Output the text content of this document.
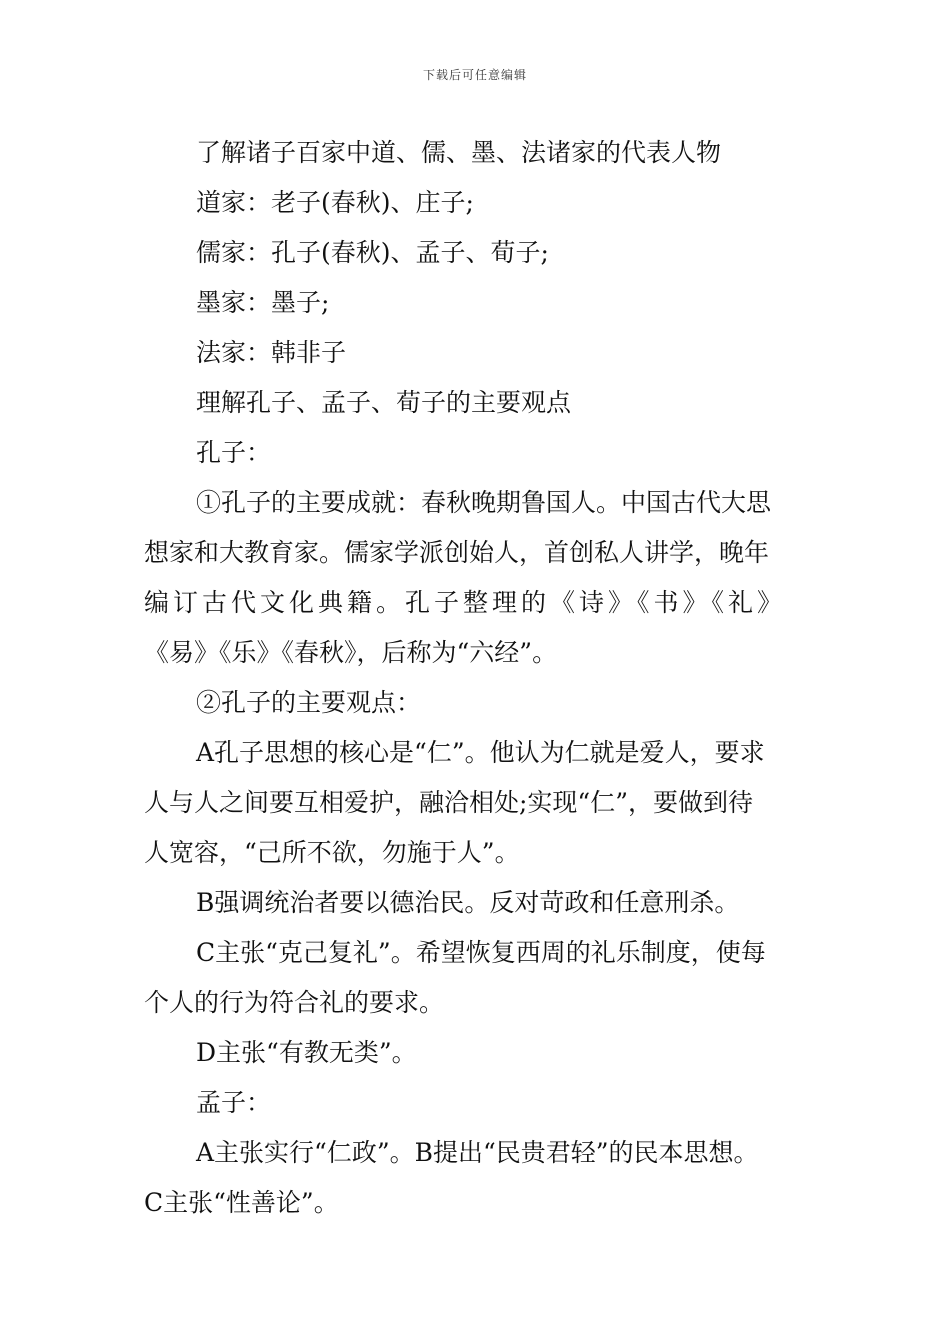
下载后可任意编辑

了解诸子百家中道、儒、墨、法诸家的代表人物

道家：老子(春秋)、庄子;

儒家：孔子(春秋)、孟子、荀子;

墨家：墨子;

法家：韩非子

理解孔子、孟子、荀子的主要观点

孔子：

①孔子的主要成就：春秋晚期鲁国人。中国古代大思

想家和大教育家。儒家学派创始人，首创私人讲学，晚年

编订古代文化典籍。孔子整理的《诗》《书》《礼》

《易》《乐》《春秋》，后称为“六经”。

②孔子的主要观点：

A孔子思想的核心是“仁”。他认为仁就是爱人，要求

人与人之间要互相爱护，融洽相处;实现“仁”，要做到待

人宽容，“己所不欲，勿施于人”。

B强调统治者要以德治民。反对苛政和任意刑杀。

C主张“克己复礼”。希望恢复西周的礼乐制度，使每

个人的行为符合礼的要求。

D主张“有教无类”。

孟子：

A主张实行“仁政”。B提出“民贵君轻”的民本思想。

C主张“性善论”。
